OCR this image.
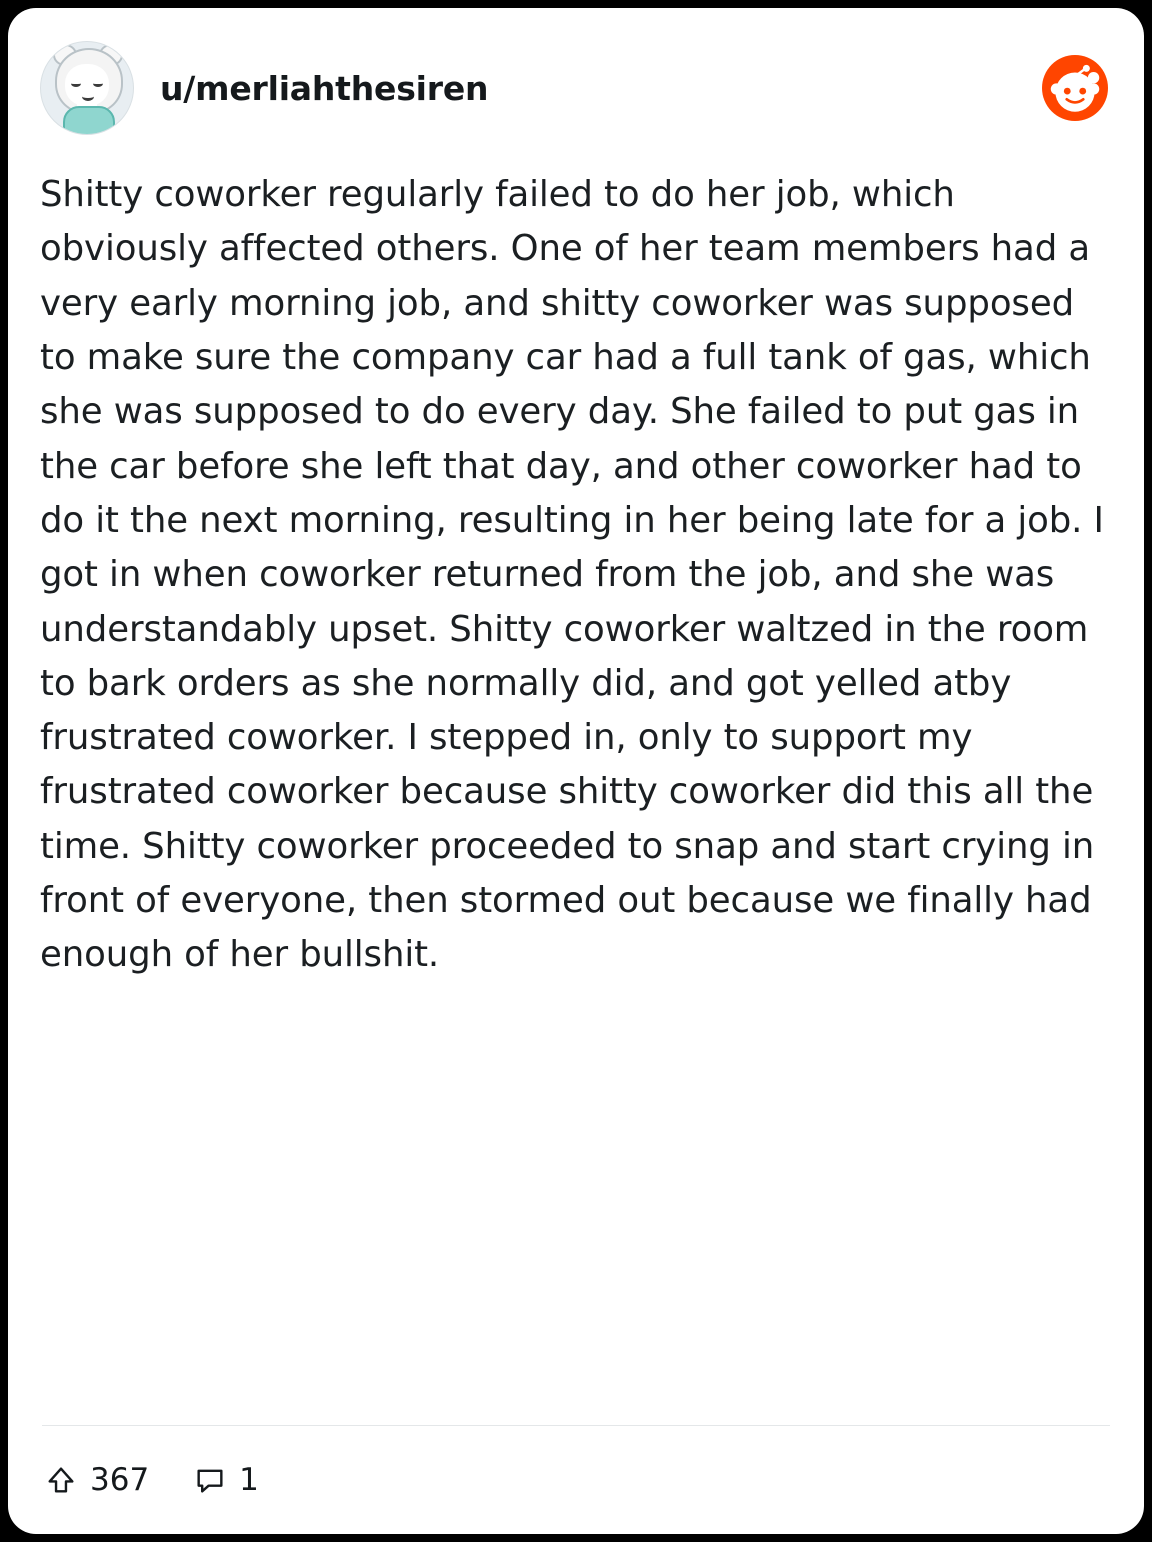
u/merliahthesiren
Shitty coworker regularly failed to do her job, which obviously affected others. One of her team members had a very early morning job, and shitty coworker was supposed to make sure the company car had a full tank of gas, which she was supposed to do every day. She failed to put gas in the car before she left that day, and other coworker had to do it the next morning, resulting in her being late for a job. I got in when coworker returned from the job, and she was understandably upset. Shitty coworker waltzed in the room to bark orders as she normally did, and got yelled atby frustrated coworker. I stepped in, only to support my frustrated coworker because shitty coworker did this all the time. Shitty coworker proceeded to snap and start crying in front of everyone, then stormed out because we finally had enough of her bullshit.
367	1
